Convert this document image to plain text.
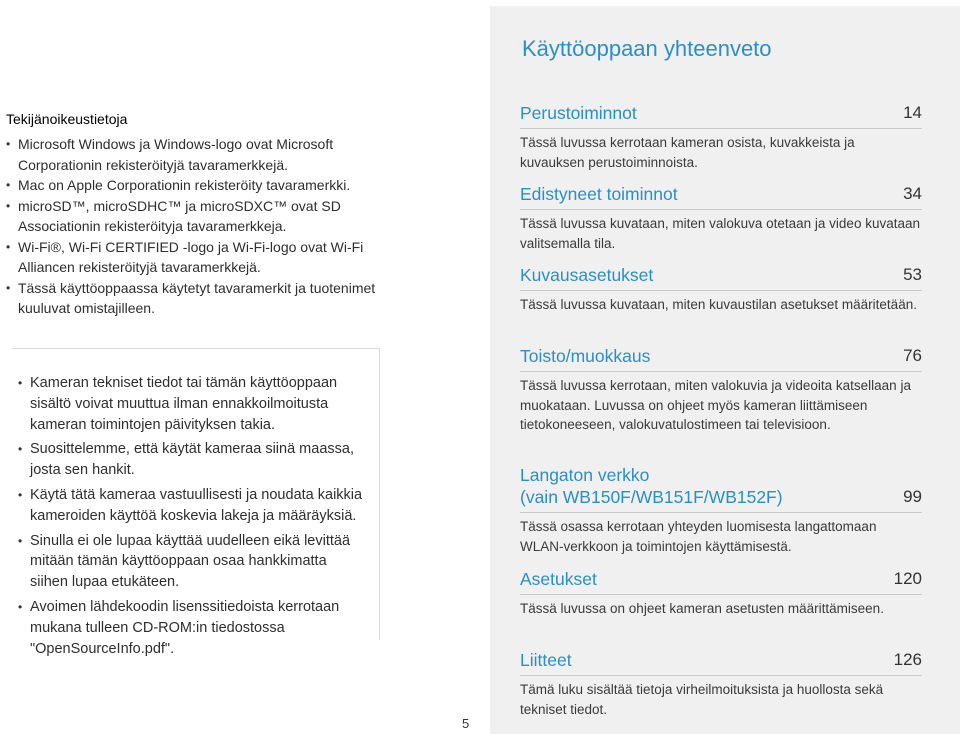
Tekijänoikeustietoja
• Microsoft Windows ja Windows-logo ovat Microsoft Corporationin rekisteröityjä tavaramerkkejä.
• Mac on Apple Corporationin rekisteröity tavaramerkki.
• microSD™, microSDHC™ ja microSDXC™ ovat SD Associationin rekisteröityja tavaramerkkeja.
• Wi-Fi®, Wi-Fi CERTIFIED -logo ja Wi-Fi-logo ovat Wi-Fi Alliancen rekisteröityjä tavaramerkkejä.
• Tässä käyttöoppaassa käytetyt tavaramerkit ja tuotenimet kuuluvat omistajilleen.
• Kameran tekniset tiedot tai tämän käyttöoppaan sisältö voivat muuttua ilman ennakkoilmoitusta kameran toimintojen päivityksen takia.
• Suosittelemme, että käytät kameraa siinä maassa, josta sen hankit.
• Käytä tätä kameraa vastuullisesti ja noudata kaikkia kameroiden käyttöä koskevia lakeja ja määräyksiä.
• Sinulla ei ole lupaa käyttää uudelleen eikä levittää mitään tämän käyttöoppaan osaa hankkimatta siihen lupaa etukäteen.
• Avoimen lähdekoodin lisenssitiedoista kerrotaan mukana tulleen CD-ROM:in tiedostossa "OpenSourceInfo.pdf".
Käyttöoppaan yhteenveto
Perustoiminnot	14
Tässä luvussa kerrotaan kameran osista, kuvakkeista ja kuvauksen perustoiminnoista.
Edistyneet toiminnot	34
Tässä luvussa kuvataan, miten valokuva otetaan ja video kuvataan valitsemalla tila.
Kuvausasetukset	53
Tässä luvussa kuvataan, miten kuvaustilan asetukset määritetään.
Toisto/muokkaus	76
Tässä luvussa kerrotaan, miten valokuvia ja videoita katsellaan ja muokataan. Luvussa on ohjeet myös kameran liittämiseen tietokoneeseen, valokuvatulostimeen tai televisioon.
Langaton verkko
(vain WB150F/WB151F/WB152F)	99
Tässä osassa kerrotaan yhteyden luomisesta langattomaan WLAN-verkkoon ja toimintojen käyttämisestä.
Asetukset	120
Tässä luvussa on ohjeet kameran asetusten määrittämiseen.
Liitteet	126
Tämä luku sisältää tietoja virheilmoituksista ja huollosta sekä tekniset tiedot.
5
